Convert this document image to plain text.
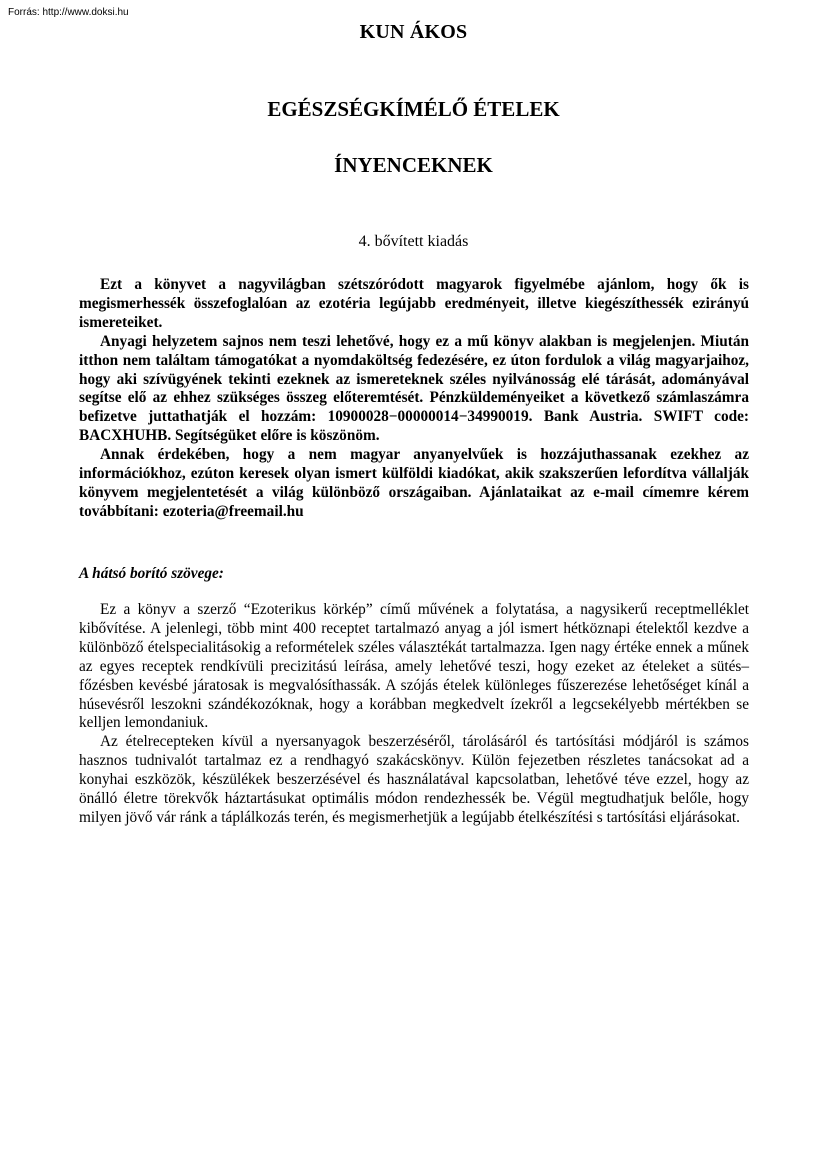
Forrás: http://www.doksi.hu
KUN ÁKOS
EGÉSZSÉGKÍMÉLŐ ÉTELEK
ÍNYENCEKNEK
4. bővített kiadás

Ezt a könyvet a nagyvilágban szétszóródott magyarok figyelmébe ajánlom, hogy ők is megismerhessék összefoglalóan az ezotéria legújabb eredményeit, illetve kiegészíthessék ezirányú ismereteiket.

Anyagi helyzetem sajnos nem teszi lehetővé, hogy ez a mű könyv alakban is megjelenjen. Miután itthon nem találtam támogatókat a nyomdaköltség fedezésére, ez úton fordulok a világ magyarjaihoz, hogy aki szívügyének tekinti ezeknek az ismereteknek széles nyilvánosság elé tárását, adományával segítse elő az ehhez szükséges összeg előteremtését. Pénzküldeményeiket a következő számlaszámra befizetve juttathatják el hozzám: 10900028−00000014−34990019. Bank Austria. SWIFT code: BACXHUHB. Segítségüket előre is köszönöm.

Annak érdekében, hogy a nem magyar anyanyelvűek is hozzájuthassanak ezekhez az információkhoz, ezúton keresek olyan ismert külföldi kiadókat, akik szakszerűen lefordítva vállalják könyvem megjelentetését a világ különböző országaiban. Ajánlataikat az e-mail címemre kérem továbbítani: ezoteria@freemail.hu

A hátsó borító szövege:

Ez a könyv a szerző “Ezoterikus körkép” című művének a folytatása, a nagysikerű receptmelléklet kibővítése. A jelenlegi, több mint 400 receptet tartalmazó anyag a jól ismert hétköznapi ételektől kezdve a különböző ételspecialitásokig a reformételek széles választékát tartalmazza. Igen nagy értéke ennek a műnek az egyes receptek rendkívüli precizitású leírása, amely lehetővé teszi, hogy ezeket az ételeket a sütés–főzésben kevésbé járatosak is megvalósíthassák. A szójás ételek különleges fűszerezése lehetőséget kínál a húsevésről leszokni szándékozóknak, hogy a korábban megkedvelt ízekről a legcsekélyebb mértékben se kelljen lemondaniuk.

Az ételrecepteken kívül a nyersanyagok beszerzéséről, tárolásáról és tartósítási módjáról is számos hasznos tudnivalót tartalmaz ez a rendhagyó szakácskönyv. Külön fejezetben részletes tanácsokat ad a konyhai eszközök, készülékek beszerzésével és használatával kapcsolatban, lehetővé téve ezzel, hogy az önálló életre törekvők háztartásukat optimális módon rendezhessék be. Végül megtudhatjuk belőle, hogy milyen jövő vár ránk a táplálkozás terén, és megismerhetjük a legújabb ételkészítési s tartósítási eljárásokat.
